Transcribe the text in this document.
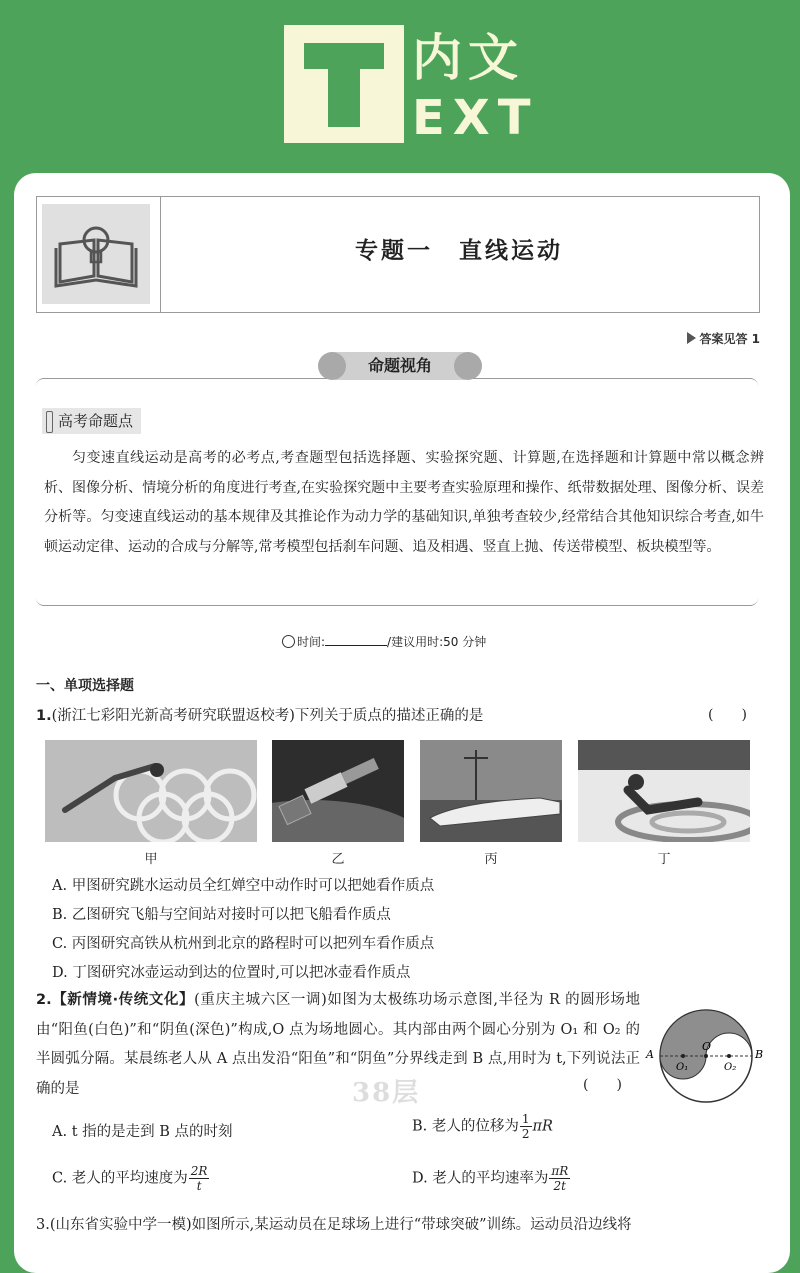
内文
EXT
专题一　直线运动
答案见答 1
命题视角
高考命题点
匀变速直线运动是高考的必考点,考查题型包括选择题、实验探究题、计算题,在选择题和计算题中常以概念辨析、图像分析、情境分析的角度进行考查,在实验探究题中主要考查实验原理和操作、纸带数据处理、图像分析、误差分析等。匀变速直线运动的基本规律及其推论作为动力学的基础知识,单独考查较少,经常结合其他知识综合考查,如牛顿运动定律、运动的合成与分解等,常考模型包括刹车问题、追及相遇、竖直上抛、传送带模型、板块模型等。
时间:	/建议用时:50 分钟
一、单项选择题
1.(浙江七彩阳光新高考研究联盟返校考)下列关于质点的描述正确的是	(　　)
甲	乙	丙	丁
A. 甲图研究跳水运动员全红婵空中动作时可以把她看作质点
B. 乙图研究飞船与空间站对接时可以把飞船看作质点
C. 丙图研究高铁从杭州到北京的路程时可以把列车看作质点
D. 丁图研究冰壶运动到达的位置时,可以把冰壶看作质点
2.【新情境·传统文化】(重庆主城六区一调)如图为太极练功场示意图,半径为 R 的圆形场地由“阳鱼(白色)”和“阴鱼(深色)”构成,O 点为场地圆心。其内部由两个圆心分别为 O₁ 和 O₂ 的半圆弧分隔。某晨练老人从 A 点出发沿“阳鱼”和“阴鱼”分界线走到 B 点,用时为 t,下列说法正确的是	(　　)
A	B
O
O₁	O₂
38层
A. t 指的是走到 B 点的时刻	B. 老人的位移为 $\frac{1}{2}$ πR
C. 老人的平均速度为 $\frac{2R}{t}$	D. 老人的平均速率为 $\frac{\pi R}{2t}$
3.(山东省实验中学一模)如图所示,某运动员在足球场上进行“带球突破”训练。运动员沿边线将
